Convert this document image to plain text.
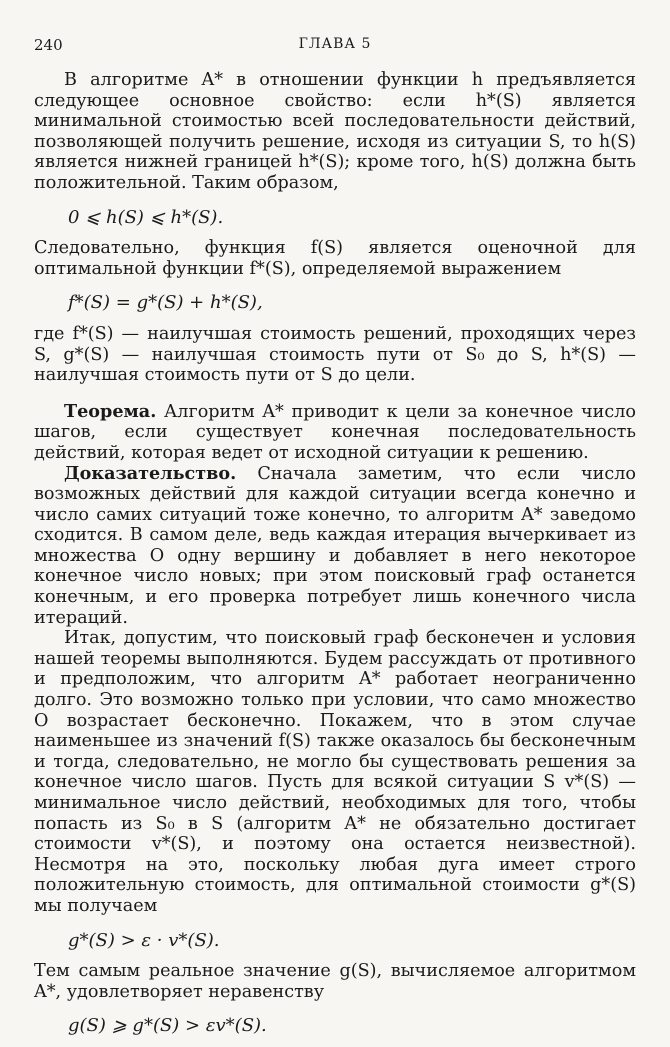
240	ГЛАВА 5

В алгоритме A* в отношении функции h предъявляется следующее основное свойство: если h*(S) является минимальной стоимостью всей последовательности действий, позволяющей получить решение, исходя из ситуации S, то h(S) является нижней границей h*(S); кроме того, h(S) должна быть положительной. Таким образом,

0 ⩽ h(S) ⩽ h*(S).

Следовательно, функция f(S) является оценочной для оптимальной функции f*(S), определяемой выражением

f*(S) = g*(S) + h*(S),

где f*(S) — наилучшая стоимость решений, проходящих через S, g*(S) — наилучшая стоимость пути от S₀ до S, h*(S) — наилучшая стоимость пути от S до цели.

Теорема. Алгоритм A* приводит к цели за конечное число шагов, если существует конечная последовательность действий, которая ведет от исходной ситуации к решению.

Доказательство. Сначала заметим, что если число возможных действий для каждой ситуации всегда конечно и число самих ситуаций тоже конечно, то алгоритм A* заведомо сходится. В самом деле, ведь каждая итерация вычеркивает из множества O одну вершину и добавляет в него некоторое конечное число новых; при этом поисковый граф останется конечным, и его проверка потребует лишь конечного числа итераций.

Итак, допустим, что поисковый граф бесконечен и условия нашей теоремы выполняются. Будем рассуждать от противного и предположим, что алгоритм A* работает неограниченно долго. Это возможно только при условии, что само множество O возрастает бесконечно. Покажем, что в этом случае наименьшее из значений f(S) также оказалось бы бесконечным и тогда, следовательно, не могло бы существовать решения за конечное число шагов. Пусть для всякой ситуации S v*(S) — минимальное число действий, необходимых для того, чтобы попасть из S₀ в S (алгоритм A* не обязательно достигает стоимости v*(S), и поэтому она остается неизвестной). Несмотря на это, поскольку любая дуга имеет строго положительную стоимость, для оптимальной стоимости g*(S) мы получаем

g*(S) > ε · v*(S).

Тем самым реальное значение g(S), вычисляемое алгоритмом A*, удовлетворяет неравенству

g(S) ⩾ g*(S) > εv*(S).
